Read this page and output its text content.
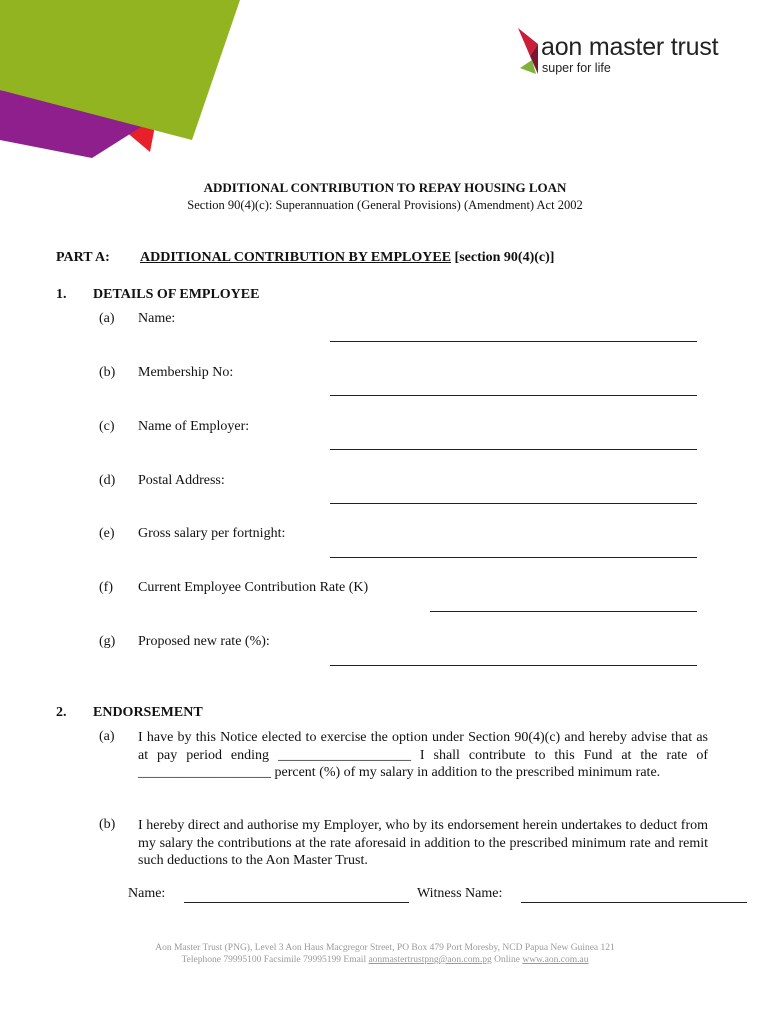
aon master trust
super for life
ADDITIONAL CONTRIBUTION TO REPAY HOUSING LOAN
Section 90(4)(c): Superannuation (General Provisions) (Amendment) Act 2002
PART A: ADDITIONAL CONTRIBUTION BY EMPLOYEE [section 90(4)(c)]
1. DETAILS OF EMPLOYEE
(a) Name:
(b) Membership No:
(c) Name of Employer:
(d) Postal Address:
(e) Gross salary per fortnight:
(f) Current Employee Contribution Rate (K)
(g) Proposed new rate (%):
2. ENDORSEMENT
(a) I have by this Notice elected to exercise the option under Section 90(4)(c) and hereby advise that as at pay period ending ___________________ I shall contribute to this Fund at the rate of ___________________ percent (%) of my salary in addition to the prescribed minimum rate.
(b) I hereby direct and authorise my Employer, who by its endorsement herein undertakes to deduct from my salary the contributions at the rate aforesaid in addition to the prescribed minimum rate and remit such deductions to the Aon Master Trust.
Name:	Witness Name:
Aon Master Trust (PNG), Level 3 Aon Haus Macgregor Street, PO Box 479 Port Moresby, NCD Papua New Guinea 121
Telephone 79995100 Facsimile 79995199 Email aonmastertrustpng@aon.com.pg Online www.aon.com.au
